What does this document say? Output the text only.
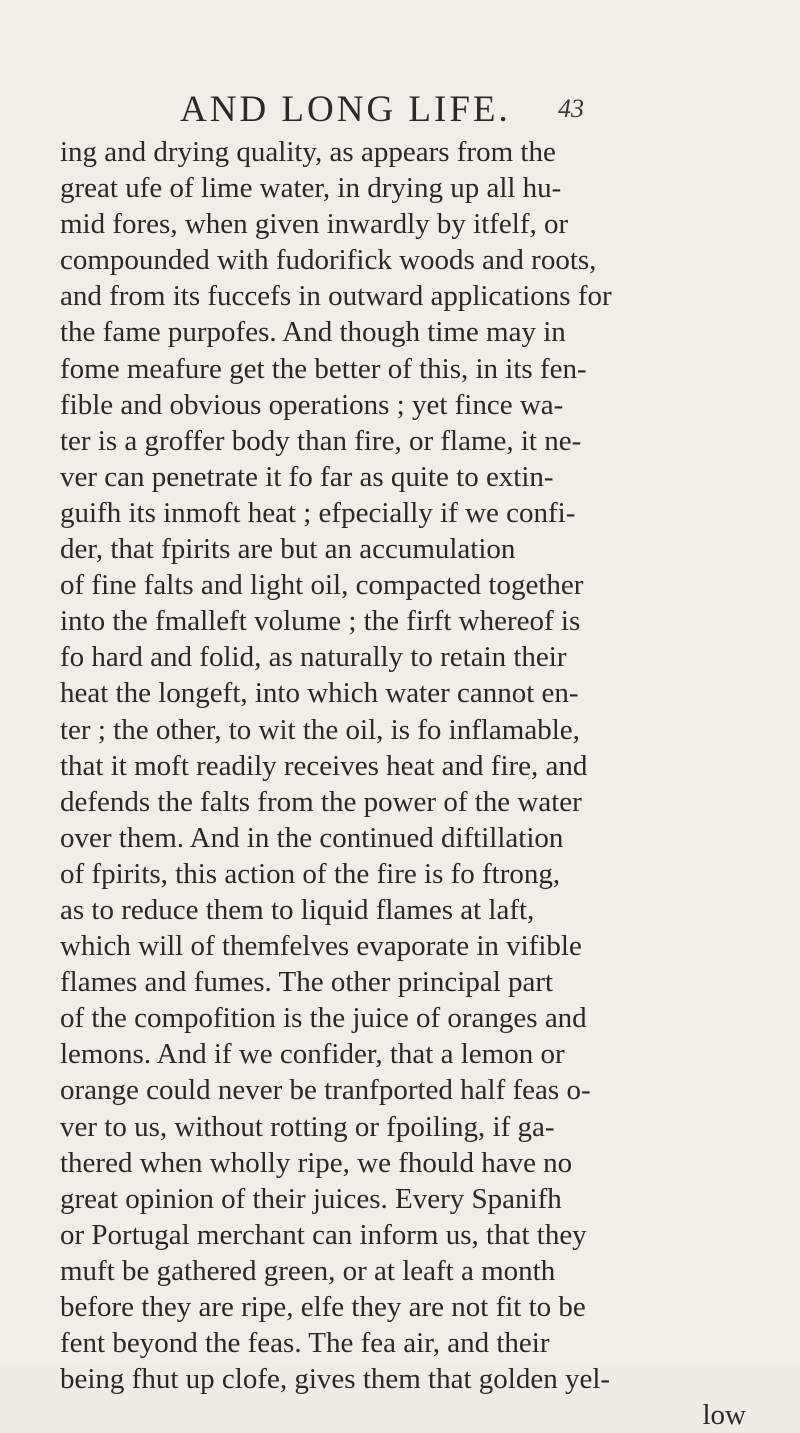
AND LONG LIFE. 43
ing and drying quality, as appears from the
great ufe of lime water, in drying up all hu-
mid fores, when given inwardly by itfelf, or
compounded with fudorifick woods and roots,
and from its fuccefs in outward applications for
the fame purpofes. And though time may in
fome meafure get the better of this, in its fen-
fible and obvious operations ; yet fince wa-
ter is a groffer body than fire, or flame, it ne-
ver can penetrate it fo far as quite to extin-
guifh its inmoft heat ; efpecially if we confi-
der, that fpirits are but an accumulation
of fine falts and light oil, compacted together
into the fmalleft volume ; the firft whereof is
fo hard and folid, as naturally to retain their
heat the longeft, into which water cannot en-
ter ; the other, to wit the oil, is fo inflamable,
that it moft readily receives heat and fire, and
defends the falts from the power of the water
over them. And in the continued diftillation
of fpirits, this action of the fire is fo ftrong,
as to reduce them to liquid flames at laft,
which will of themfelves evaporate in vifible
flames and fumes. The other principal part
of the compofition is the juice of oranges and
lemons. And if we confider, that a lemon or
orange could never be tranfported half feas o-
ver to us, without rotting or fpoiling, if ga-
thered when wholly ripe, we fhould have no
great opinion of their juices. Every Spanifh
or Portugal merchant can inform us, that they
muft be gathered green, or at leaft a month
before they are ripe, elfe they are not fit to be
fent beyond the feas. The fea air, and their
being fhut up clofe, gives them that golden yel-
low
